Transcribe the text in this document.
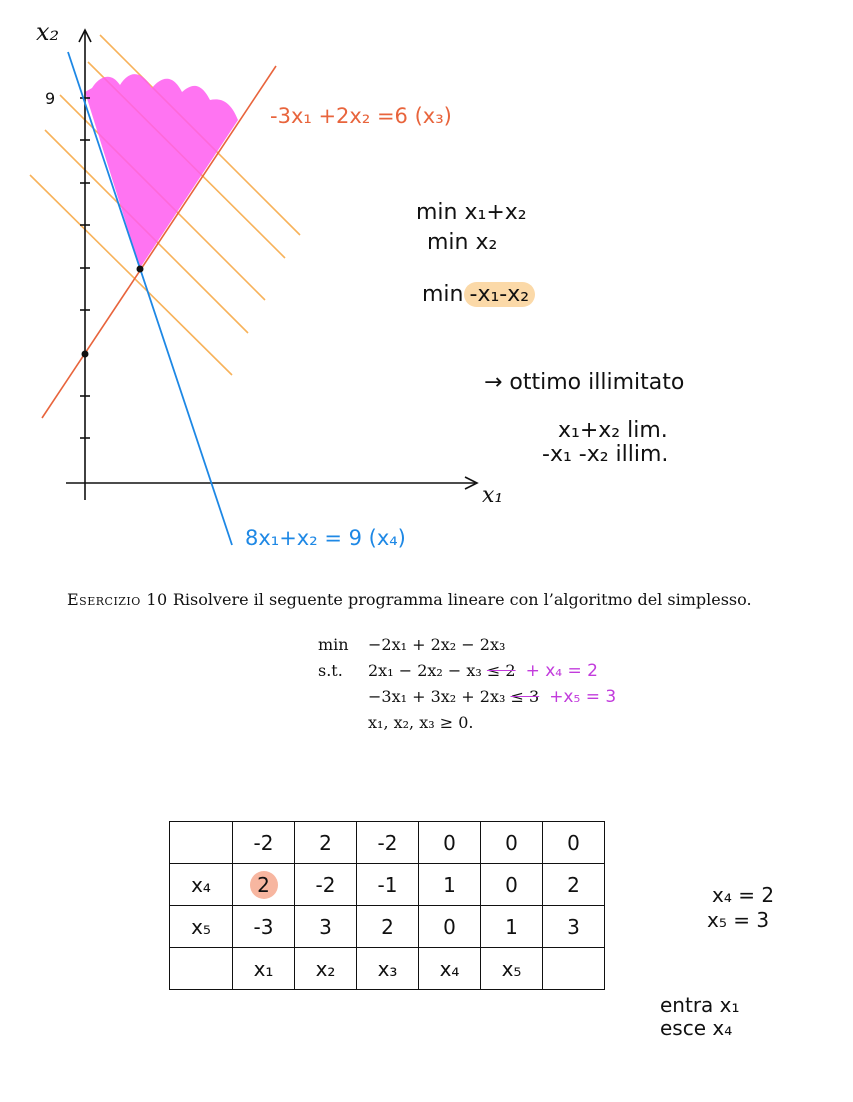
x₂
x₁
9
-3x₁ +2x₂ =6 (x₃)
8x₁+x₂ = 9 (x₄)
min x₁+x₂
min x₂
min -x₁-x₂
→ ottimo illimitato
x₁+x₂ lim.
-x₁ -x₂ illim.
Esercizio 10 Risolvere il seguente programma lineare con l’algoritmo del simplesso.
min −2x₁ + 2x₂ − 2x₃
s.t. 2x₁ − 2x₂ − x₃ ≤ 2 + x₄ = 2
−3x₁ + 3x₂ + 2x₃ ≤ 3 +x₅ = 3
x₁, x₂, x₃ ≥ 0.
	-2	2	-2	0	0	0
x₄	2	-2	-1	1	0	2
x₅	-3	3	2	0	1	3
	x₁	x₂	x₃	x₄	x₅	
x₄ = 2
x₅ = 3
entra x₁
esce x₄
